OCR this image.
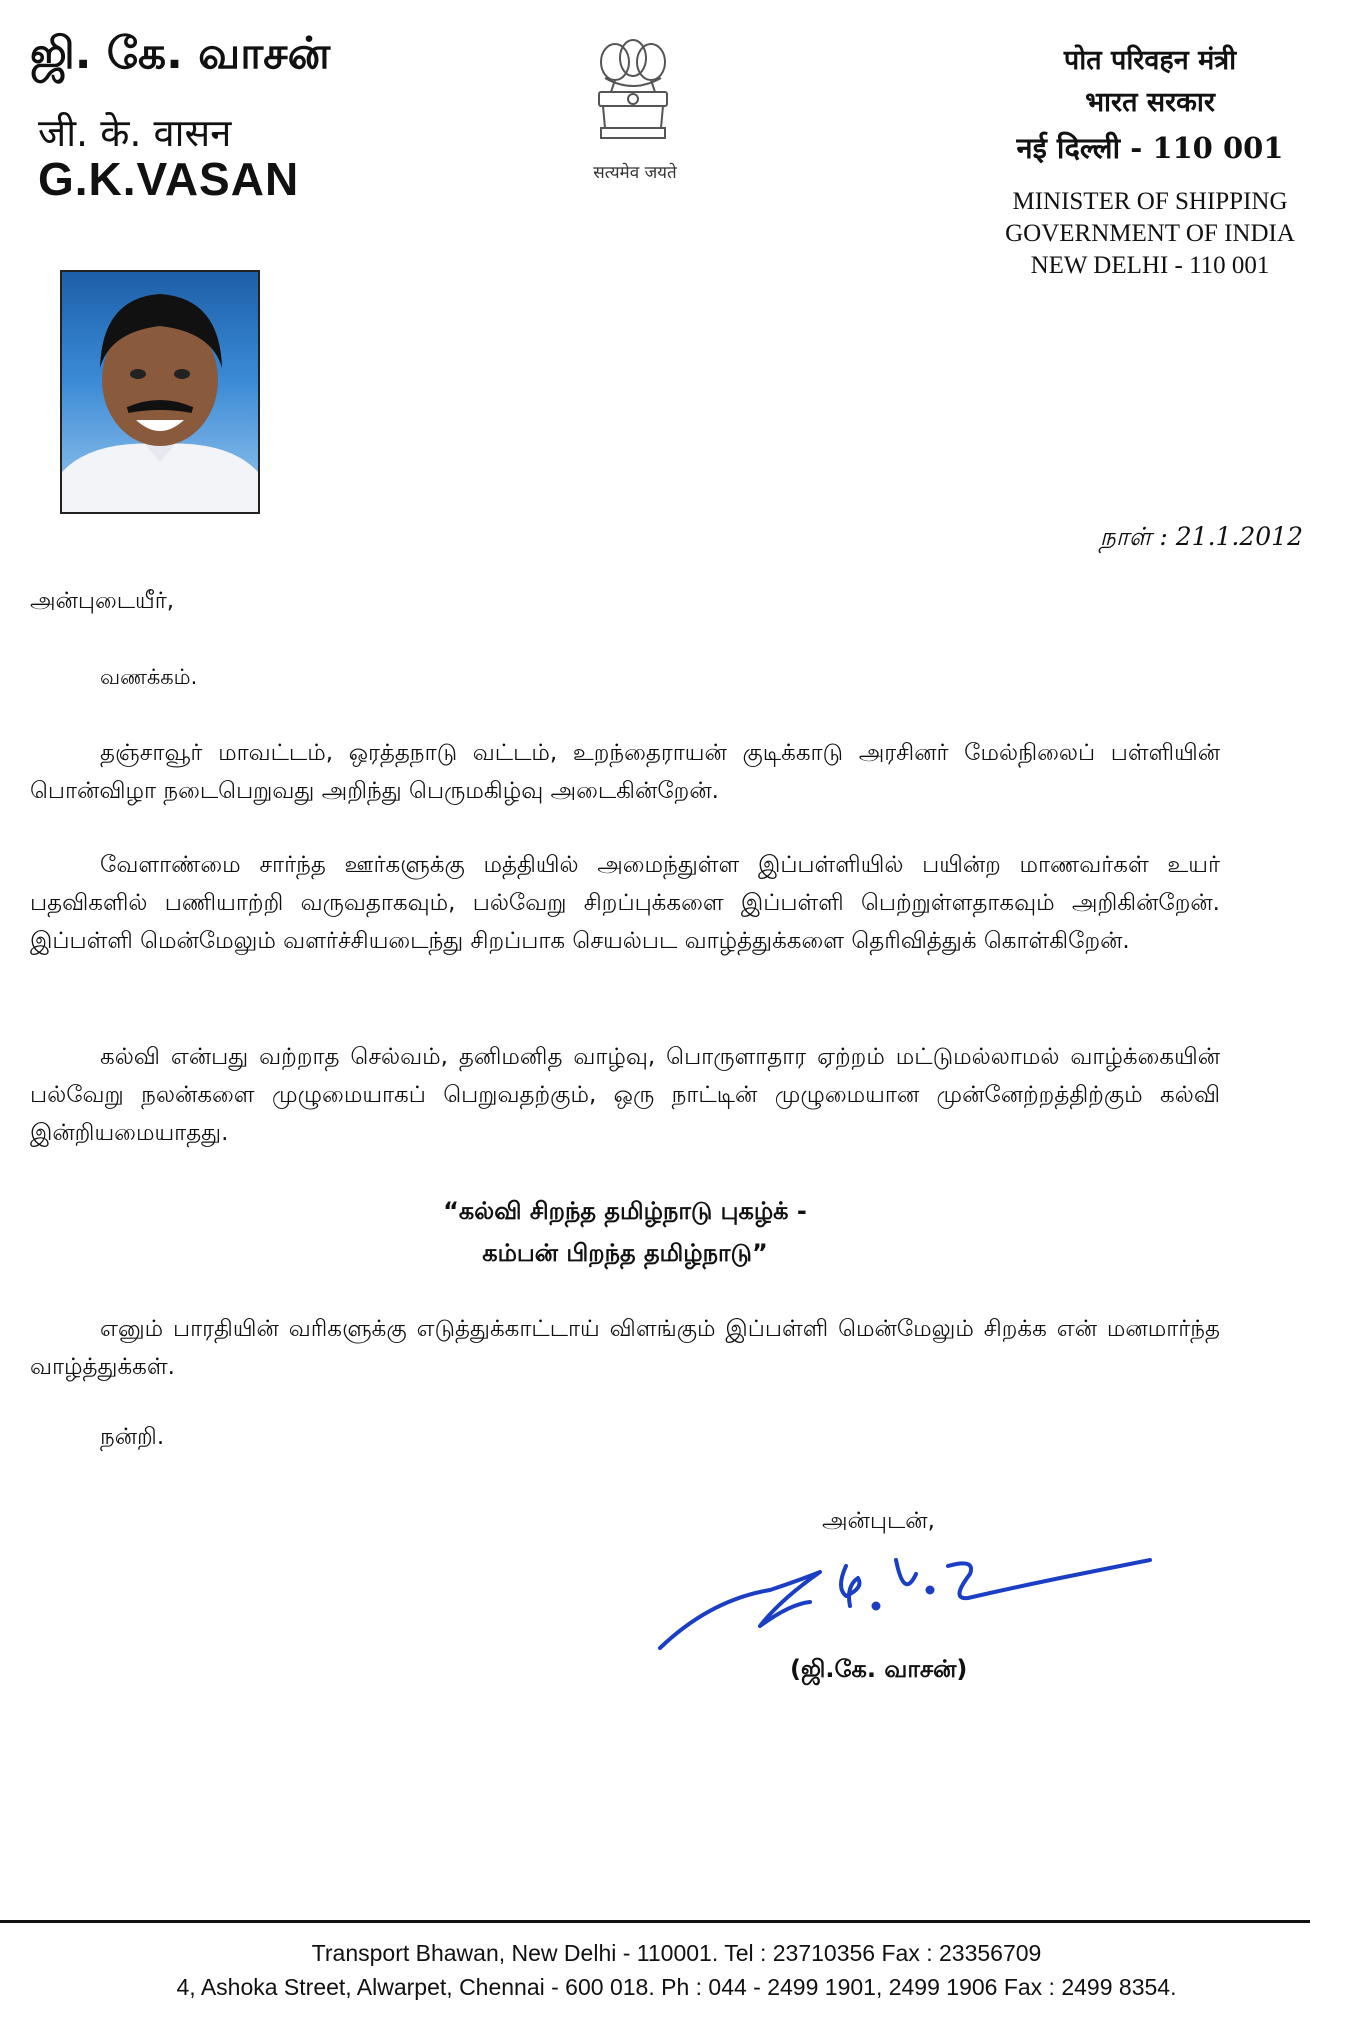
ஜி. கே. வாசன்
जी. के. वासन
G.K.VASAN	सत्यमेव जयते
पोत परिवहन मंत्री
भारत सरकार
नई दिल्ली - 110 001
MINISTER OF SHIPPING
GOVERNMENT OF INDIA
NEW DELHI - 110 001
நாள் : 21.1.2012
அன்புடையீர்,
வணக்கம்.
தஞ்சாவூர் மாவட்டம், ஒரத்தநாடு வட்டம், உறந்தைராயன் குடிக்காடு அரசினர் மேல்நிலைப் பள்ளியின் பொன்விழா நடைபெறுவது அறிந்து பெருமகிழ்வு அடைகின்றேன்.
வேளாண்மை சார்ந்த ஊர்களுக்கு மத்தியில் அமைந்துள்ள இப்பள்ளியில் பயின்ற மாணவர்கள் உயர் பதவிகளில் பணியாற்றி வருவதாகவும், பல்வேறு சிறப்புக்களை இப்பள்ளி பெற்றுள்ளதாகவும் அறிகின்றேன். இப்பள்ளி மென்மேலும் வளர்ச்சியடைந்து சிறப்பாக செயல்பட வாழ்த்துக்களை தெரிவித்துக் கொள்கிறேன்.
கல்வி என்பது வற்றாத செல்வம், தனிமனித வாழ்வு, பொருளாதார ஏற்றம் மட்டுமல்லாமல் வாழ்க்கையின் பல்வேறு நலன்களை முழுமையாகப் பெறுவதற்கும், ஒரு நாட்டின் முழுமையான முன்னேற்றத்திற்கும் கல்வி இன்றியமையாதது.
“கல்வி சிறந்த தமிழ்நாடு புகழ்க் -
கம்பன் பிறந்த தமிழ்நாடு”
எனும் பாரதியின் வரிகளுக்கு எடுத்துக்காட்டாய் விளங்கும் இப்பள்ளி மென்மேலும் சிறக்க என் மனமார்ந்த வாழ்த்துக்கள்.
நன்றி.
அன்புடன்,
(ஜி.கே. வாசன்)
Transport Bhawan, New Delhi - 110001. Tel : 23710356 Fax : 23356709
4, Ashoka Street, Alwarpet, Chennai - 600 018. Ph : 044 - 2499 1901, 2499 1906 Fax : 2499 8354.
